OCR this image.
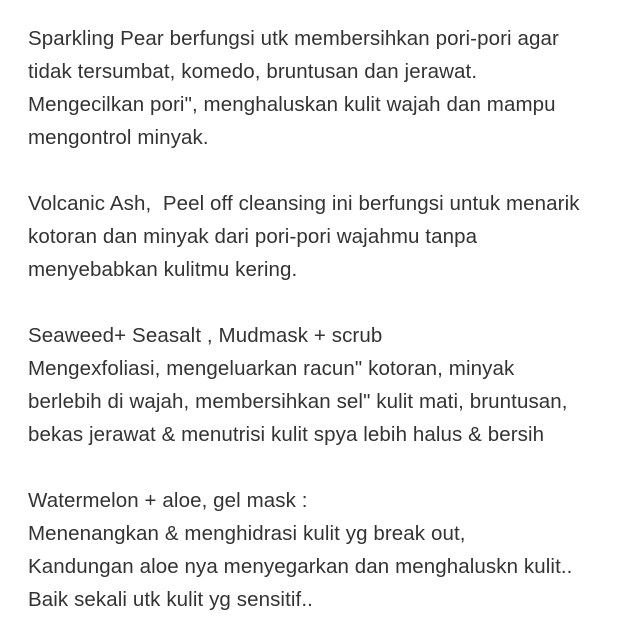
Sparkling Pear berfungsi utk membersihkan pori-pori agar
tidak tersumbat, komedo, bruntusan dan jerawat.
Mengecilkan pori", menghaluskan kulit wajah dan mampu
mengontrol minyak.
Volcanic Ash,  Peel off cleansing ini berfungsi untuk menarik
kotoran dan minyak dari pori-pori wajahmu tanpa
menyebabkan kulitmu kering.
Seaweed+ Seasalt , Mudmask + scrub
Mengexfoliasi, mengeluarkan racun" kotoran, minyak
berlebih di wajah, membersihkan sel" kulit mati, bruntusan,
bekas jerawat & menutrisi kulit spya lebih halus & bersih
Watermelon + aloe, gel mask :
Menenangkan & menghidrasi kulit yg break out,
Kandungan aloe nya menyegarkan dan menghaluskn kulit..
Baik sekali utk kulit yg sensitif..
